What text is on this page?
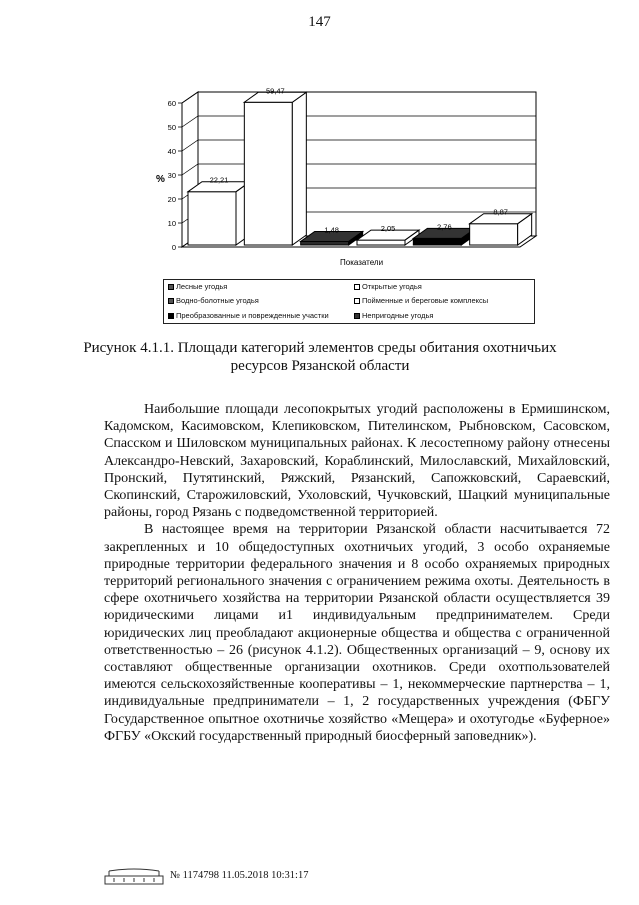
147
0
10
20
30
40
50
60
22,21
59,47
1,48	2,05	2,76
8,87
%
Показатели
Лесные угодья	Открытые угодья
Водно-болотные угодья	Пойменные и береговые комплексы
Преобразованные и поврежденные участки	Непригодные угодья
Рисунок 4.1.1. Площади категорий элементов среды обитания охотничьих
ресурсов Рязанской области

Наибольшие площади лесопокрытых угодий расположены в Ермишинском, Кадомском, Касимовском, Клепиковском, Пителинском, Рыбновском, Сасовском, Спасском и Шиловском муниципальных районах. К лесостепному району отнесены Александро-Невский, Захаровский, Кораблинский, Милославский, Михайловский, Пронский, Путятинский, Ряжский, Рязанский, Сапожковский, Сараевский, Скопинский, Старожиловский, Ухоловский, Чучковский, Шацкий муниципальные районы, город Рязань с подведомственной территорией.

В настоящее время на территории Рязанской области насчитывается 72 закрепленных и 10 общедоступных охотничьих угодий, 3 особо охраняемые природные территории федерального значения и 8 особо охраняемых природных территорий регионального значения с ограничением режима охоты. Деятельность в сфере охотничьего хозяйства на территории Рязанской области осуществляется 39 юридическими лицами и1 индивидуальным предпринимателем. Среди юридических лиц преобладают акционерные общества и общества с ограниченной ответственностью – 26 (рисунок 4.1.2). Общественных организаций – 9, основу их составляют общественные организации охотников. Среди охотпользователей имеются сельскохозяйственные кооперативы – 1, некоммерческие партнерства – 1, индивидуальные предприниматели – 1, 2 государственных учреждения (ФБГУ Государственное опытное охотничье хозяйство «Мещера» и охотугодье «Буферное» ФГБУ «Окский государственный природный биосферный заповедник»).

№ 1174798 11.05.2018 10:31:17
